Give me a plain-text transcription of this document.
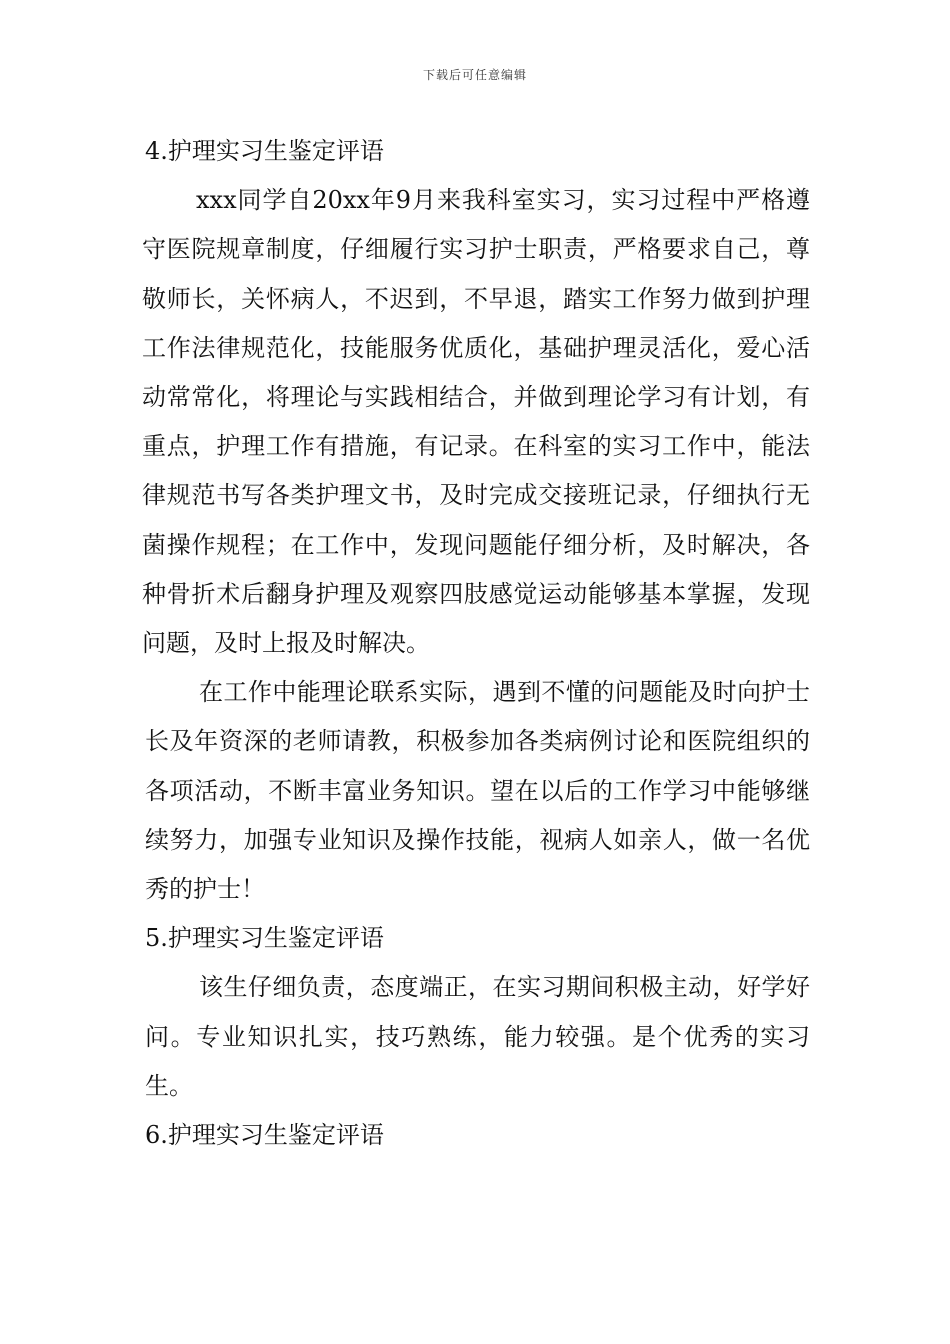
下载后可任意编辑

4.护理实习生鉴定评语

xxx同学自20xx年9月来我科室实习，实习过程中严格遵守医院规章制度，仔细履行实习护士职责，严格要求自己，尊敬师长，关怀病人，不迟到，不早退，踏实工作努力做到护理工作法律规范化，技能服务优质化，基础护理灵活化，爱心活动常常化，将理论与实践相结合，并做到理论学习有计划，有重点，护理工作有措施，有记录。在科室的实习工作中，能法律规范书写各类护理文书，及时完成交接班记录，仔细执行无菌操作规程；在工作中，发现问题能仔细分析，及时解决，各种骨折术后翻身护理及观察四肢感觉运动能够基本掌握，发现问题，及时上报及时解决。

在工作中能理论联系实际，遇到不懂的问题能及时向护士长及年资深的老师请教，积极参加各类病例讨论和医院组织的各项活动，不断丰富业务知识。望在以后的工作学习中能够继续努力，加强专业知识及操作技能，视病人如亲人，做一名优秀的护士！

5.护理实习生鉴定评语

该生仔细负责，态度端正，在实习期间积极主动，好学好问。专业知识扎实，技巧熟练，能力较强。是个优秀的实习生。

6.护理实习生鉴定评语
